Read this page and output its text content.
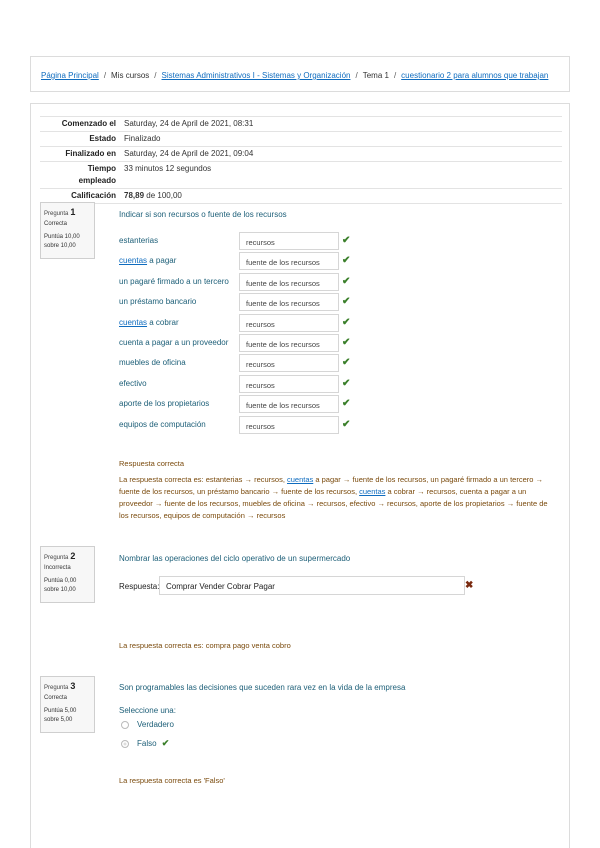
Página Principal / Mis cursos / Sistemas Administrativos I - Sistemas y Organización / Tema 1 / cuestionario 2 para alumnos que trabajan
Comenzado el	Saturday, 24 de April de 2021, 08:31
Estado	Finalizado
Finalizado en	Saturday, 24 de April de 2021, 09:04
Tiempo
empleado	33 minutos 12 segundos
Calificación	78,89 de 100,00
Pregunta 1
Correcta
Puntúa 10,00
sobre 10,00
Indicar si son recursos o fuente de los recursos
estanterias	recursos	✔
cuentas a pagar	fuente de los recursos	✔
un pagaré firmado a un tercero	fuente de los recursos	✔
un préstamo bancario	fuente de los recursos	✔
cuentas a cobrar	recursos	✔
cuenta a pagar a un proveedor	fuente de los recursos	✔
muebles de oficina	recursos	✔
efectivo	recursos	✔
aporte de los propietarios	fuente de los recursos	✔
equipos de computación	recursos	✔
Respuesta correcta
La respuesta correcta es: estanterias → recursos, cuentas a pagar → fuente de los recursos, un pagaré firmado a un tercero → fuente de los recursos, un préstamo bancario → fuente de los recursos, cuentas a cobrar → recursos, cuenta a pagar a un proveedor → fuente de los recursos, muebles de oficina → recursos, efectivo → recursos, aporte de los propietarios → fuente de los recursos, equipos de computación → recursos
Pregunta 2
Incorrecta
Puntúa 0,00
sobre 10,00
Nombrar las operaciones del ciclo operativo de un supermercado
Respuesta: Comprar Vender Cobrar Pagar	✖
La respuesta correcta es: compra pago venta cobro
Pregunta 3
Correcta
Puntúa 5,00
sobre 5,00
Son programables las decisiones que suceden rara vez en la vida de la empresa
Seleccione una:
Verdadero
Falso ✔
La respuesta correcta es 'Falso'
